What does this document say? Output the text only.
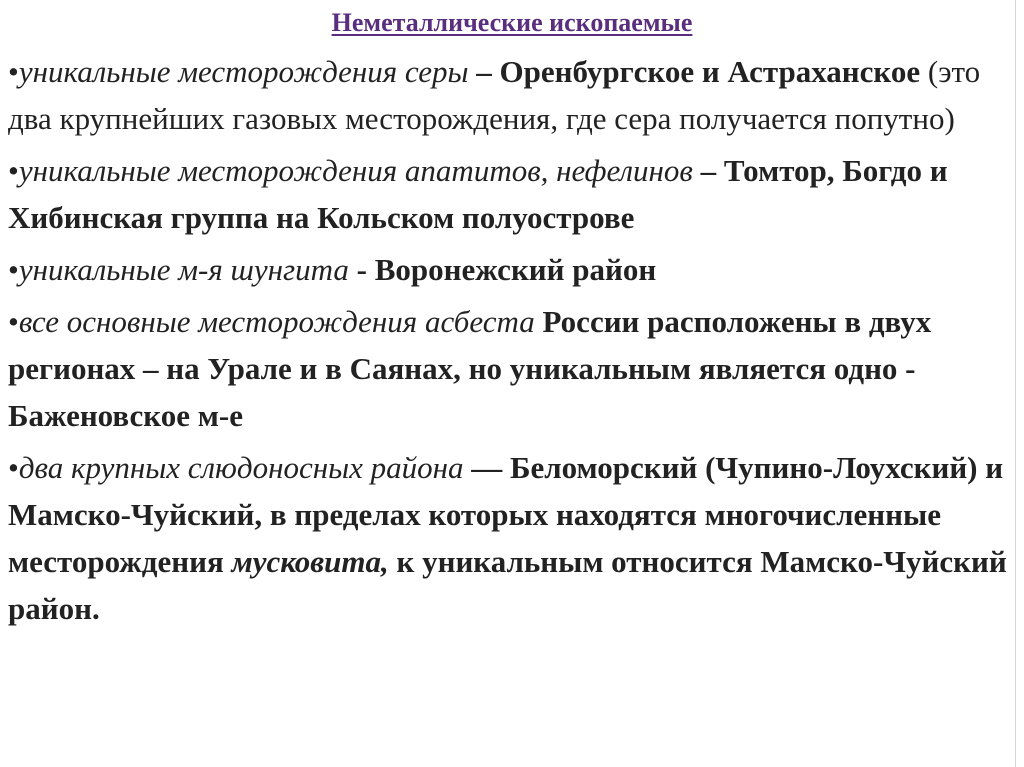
Неметаллические ископаемые

•уникальные месторождения серы – Оренбургское и Астраханское (это два крупнейших газовых месторождения, где сера получается попутно)

•уникальные месторождения апатитов, нефелинов – Томтор, Богдо и Хибинская группа на Кольском полуострове

•уникальные м-я шунгита - Воронежский район

•все основные месторождения асбеста России расположены в двух регионах – на Урале и в Саянах, но уникальным является одно - Баженовское м-е

•два крупных слюдоносных района — Беломорский (Чупино-Лоухский) и Мамско-Чуйский, в пределах которых находятся многочисленные месторождения мусковита, к уникальным относится Мамско-Чуйский район.
